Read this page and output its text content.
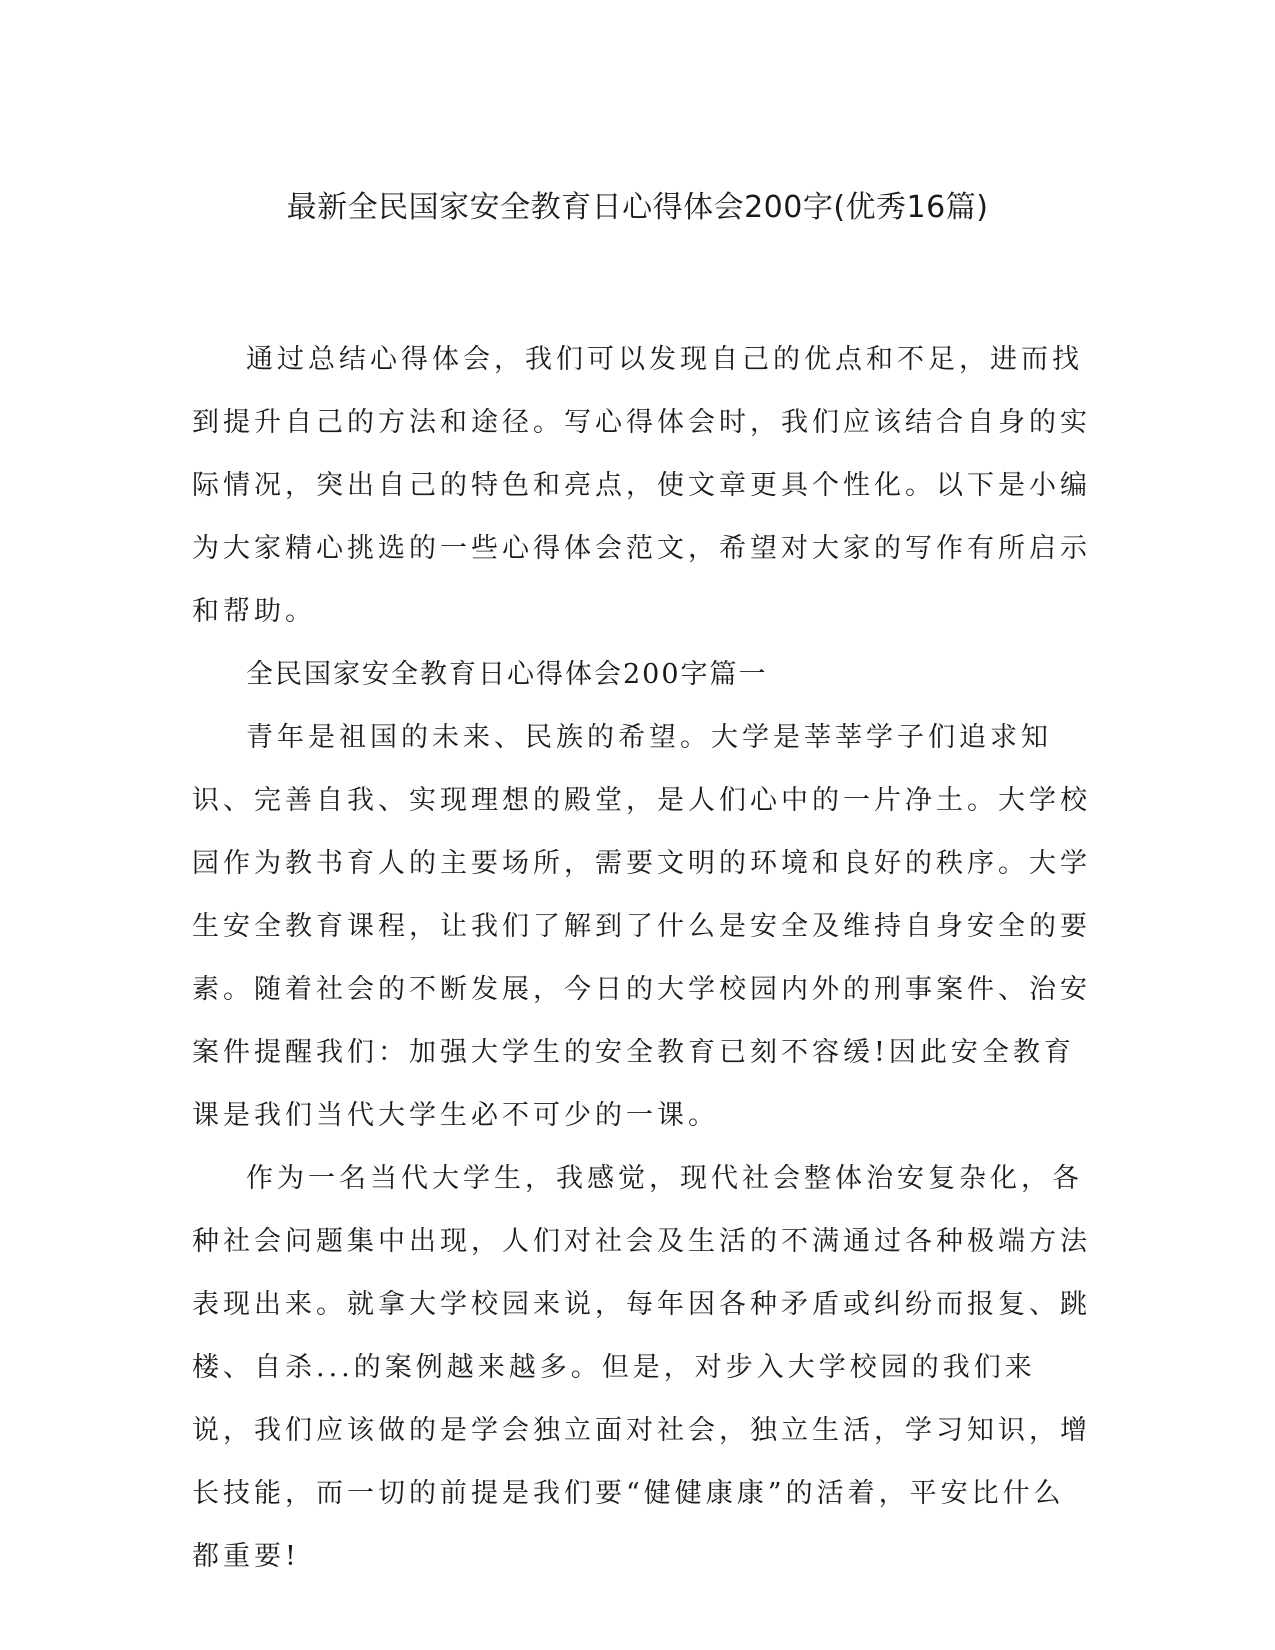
最新全民国家安全教育日心得体会200字(优秀16篇)

通过总结心得体会，我们可以发现自己的优点和不足，进而找到提升自己的方法和途径。写心得体会时，我们应该结合自身的实际情况，突出自己的特色和亮点，使文章更具个性化。以下是小编为大家精心挑选的一些心得体会范文，希望对大家的写作有所启示和帮助。

全民国家安全教育日心得体会200字篇一

青年是祖国的未来、民族的希望。大学是莘莘学子们追求知识、完善自我、实现理想的殿堂，是人们心中的一片净土。大学校园作为教书育人的主要场所，需要文明的环境和良好的秩序。大学生安全教育课程，让我们了解到了什么是安全及维持自身安全的要素。随着社会的不断发展，今日的大学校园内外的刑事案件、治安案件提醒我们：加强大学生的安全教育已刻不容缓!因此安全教育课是我们当代大学生必不可少的一课。

作为一名当代大学生，我感觉，现代社会整体治安复杂化，各种社会问题集中出现，人们对社会及生活的不满通过各种极端方法表现出来。就拿大学校园来说，每年因各种矛盾或纠纷而报复、跳楼、自杀...的案例越来越多。但是，对步入大学校园的我们来说，我们应该做的是学会独立面对社会，独立生活，学习知识，增长技能，而一切的前提是我们要“健健康康”的活着，平安比什么都重要!
